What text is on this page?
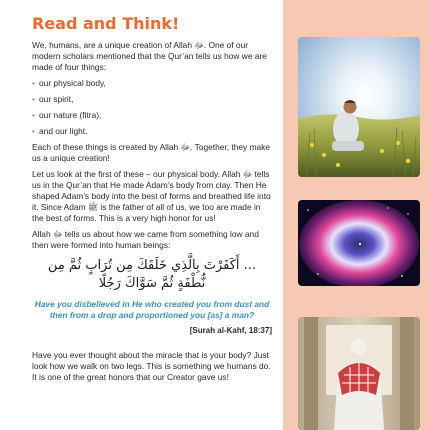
Read and Think!

We, humans, are a unique creation of Allah ﷻ. One of our modern scholars mentioned that the Qur’an tells us how we are made of four things:

• our physical body,
• our spirit,
• our nature (fitra),
• and our light.

Each of these things is created by Allah ﷻ. Together, they make us a unique creation!

Let us look at the first of these – our physical body. Allah ﷻ tells us in the Qur’an that He made Adam’s body from clay. Then He shaped Adam’s body into the best of forms and breathed life into it. Since Adam ﷺ is the father of all of us, we too are made in the best of forms. This is a very high honor for us!

Allah ﷻ tells us about how we came from something low and then were formed into human beings:

... أَكَفَرْتَ بِالَّذِي خَلَقَكَ مِن تُرَابٍ ثُمَّ مِن نُّطْفَةٍ ثُمَّ سَوَّاكَ رَجُلًا
Have you disbelieved in He who created you from dust and then from a drop and proportioned you [as] a man?
[Surah al-Kahf, 18:37]

Have you ever thought about the miracle that is your body? Just look how we walk on two legs. This is something we humans do. It is one of the great honors that our Creator gave us!
